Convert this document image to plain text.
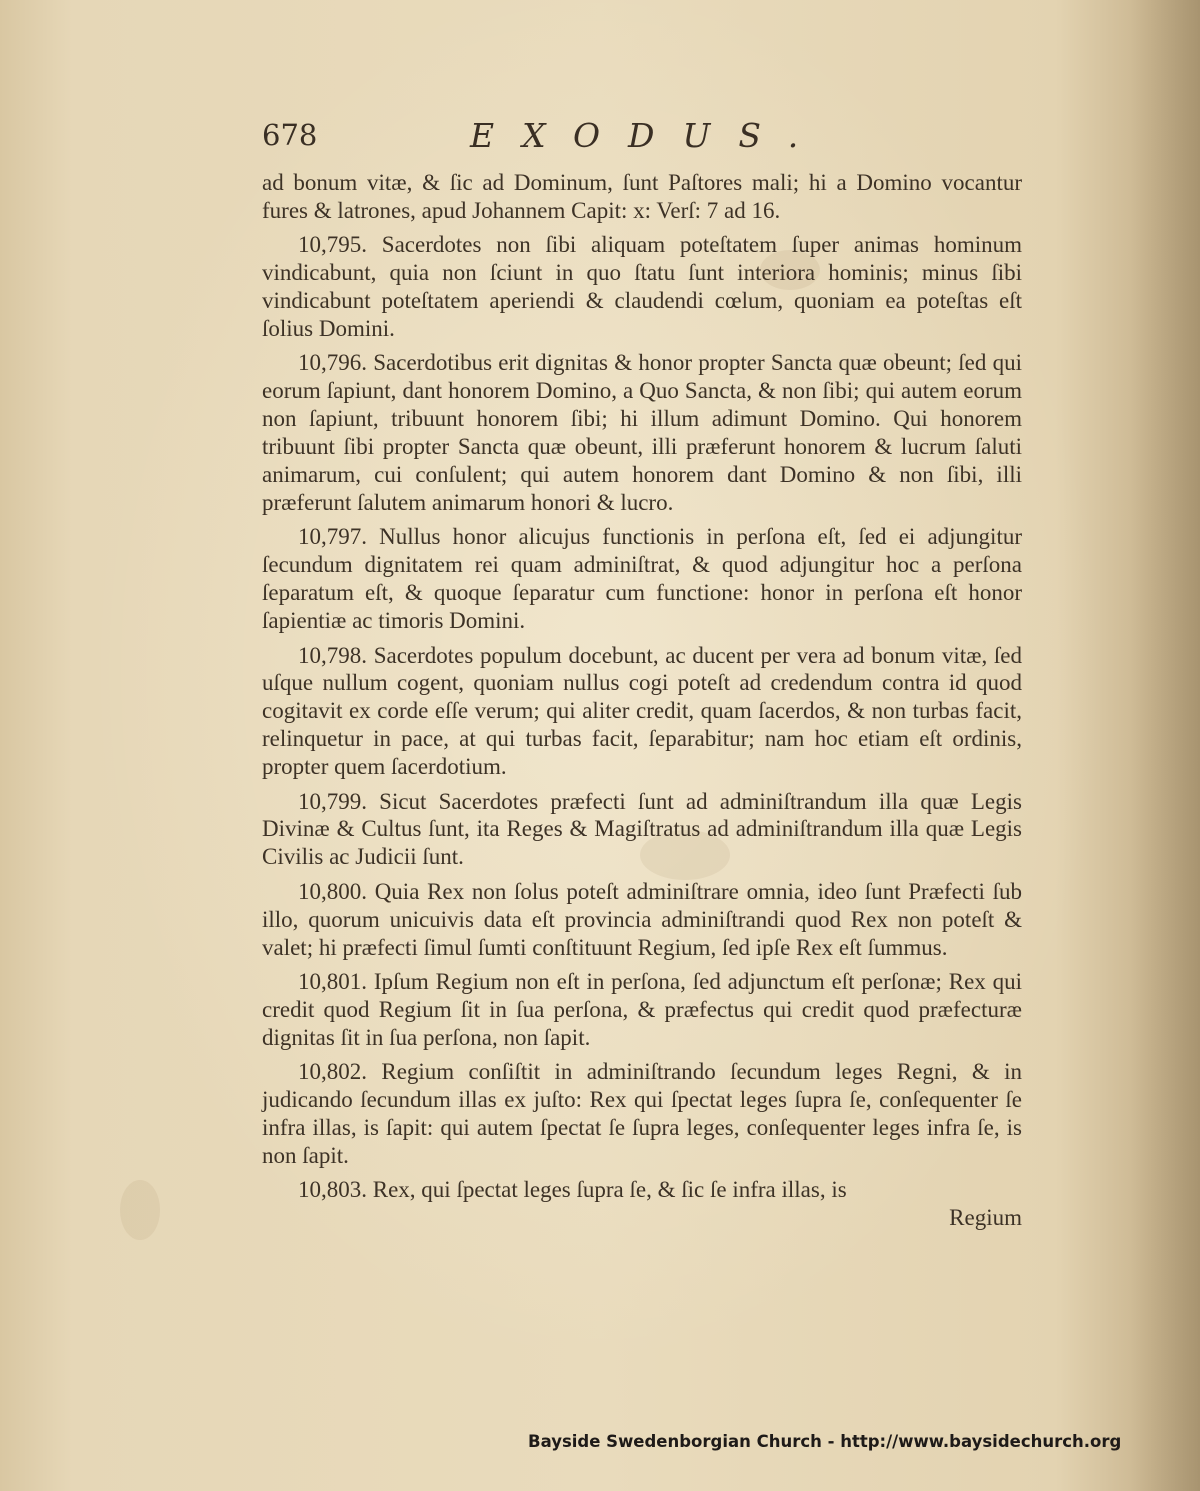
678	EXODUS.

ad bonum vitæ, & ſic ad Dominum, ſunt Paſtores mali; hi a Domino vocantur fures & latrones, apud Johannem Capit: x: Verſ: 7 ad 16.

10,795. Sacerdotes non ſibi aliquam poteſtatem ſuper animas hominum vindicabunt, quia non ſciunt in quo ſtatu ſunt interiora hominis; minus ſibi vindicabunt poteſtatem aperiendi & claudendi cœlum, quoniam ea poteſtas eſt ſolius Domini.

10,796. Sacerdotibus erit dignitas & honor propter Sancta quæ obeunt; ſed qui eorum ſapiunt, dant honorem Domino, a Quo Sancta, & non ſibi; qui autem eorum non ſapiunt, tribuunt honorem ſibi; hi illum adimunt Domino. Qui honorem tribuunt ſibi propter Sancta quæ obeunt, illi præferunt honorem & lucrum ſaluti animarum, cui conſulent; qui autem honorem dant Domino & non ſibi, illi præferunt ſalutem animarum honori & lucro.

10,797. Nullus honor alicujus functionis in perſona eſt, ſed ei adjungitur ſecundum dignitatem rei quam adminiſtrat, & quod adjungitur hoc a perſona ſeparatum eſt, & quoque ſeparatur cum functione: honor in perſona eſt honor ſapientiæ ac timoris Domini.

10,798. Sacerdotes populum docebunt, ac ducent per vera ad bonum vitæ, ſed uſque nullum cogent, quoniam nullus cogi poteſt ad credendum contra id quod cogitavit ex corde eſſe verum; qui aliter credit, quam ſacerdos, & non turbas facit, relinquetur in pace, at qui turbas facit, ſeparabitur; nam hoc etiam eſt ordinis, propter quem ſacerdotium.

10,799. Sicut Sacerdotes præfecti ſunt ad adminiſtrandum illa quæ Legis Divinæ & Cultus ſunt, ita Reges & Magiſtratus ad adminiſtrandum illa quæ Legis Civilis ac Judicii ſunt.

10,800. Quia Rex non ſolus poteſt adminiſtrare omnia, ideo ſunt Præfecti ſub illo, quorum unicuivis data eſt provincia adminiſtrandi quod Rex non poteſt & valet; hi præfecti ſimul ſumti conſtituunt Regium, ſed ipſe Rex eſt ſummus.

10,801. Ipſum Regium non eſt in perſona, ſed adjunctum eſt perſonæ; Rex qui credit quod Regium ſit in ſua perſona, & præfectus qui credit quod præfecturæ dignitas ſit in ſua perſona, non ſapit.

10,802. Regium conſiſtit in adminiſtrando ſecundum leges Regni, & in judicando ſecundum illas ex juſto: Rex qui ſpectat leges ſupra ſe, conſequenter ſe infra illas, is ſapit: qui autem ſpectat ſe ſupra leges, conſequenter leges infra ſe, is non ſapit.

10,803. Rex, qui ſpectat leges ſupra ſe, & ſic ſe infra illas, is

Regium

Bayside Swedenborgian Church - http://www.baysidechurch.org
